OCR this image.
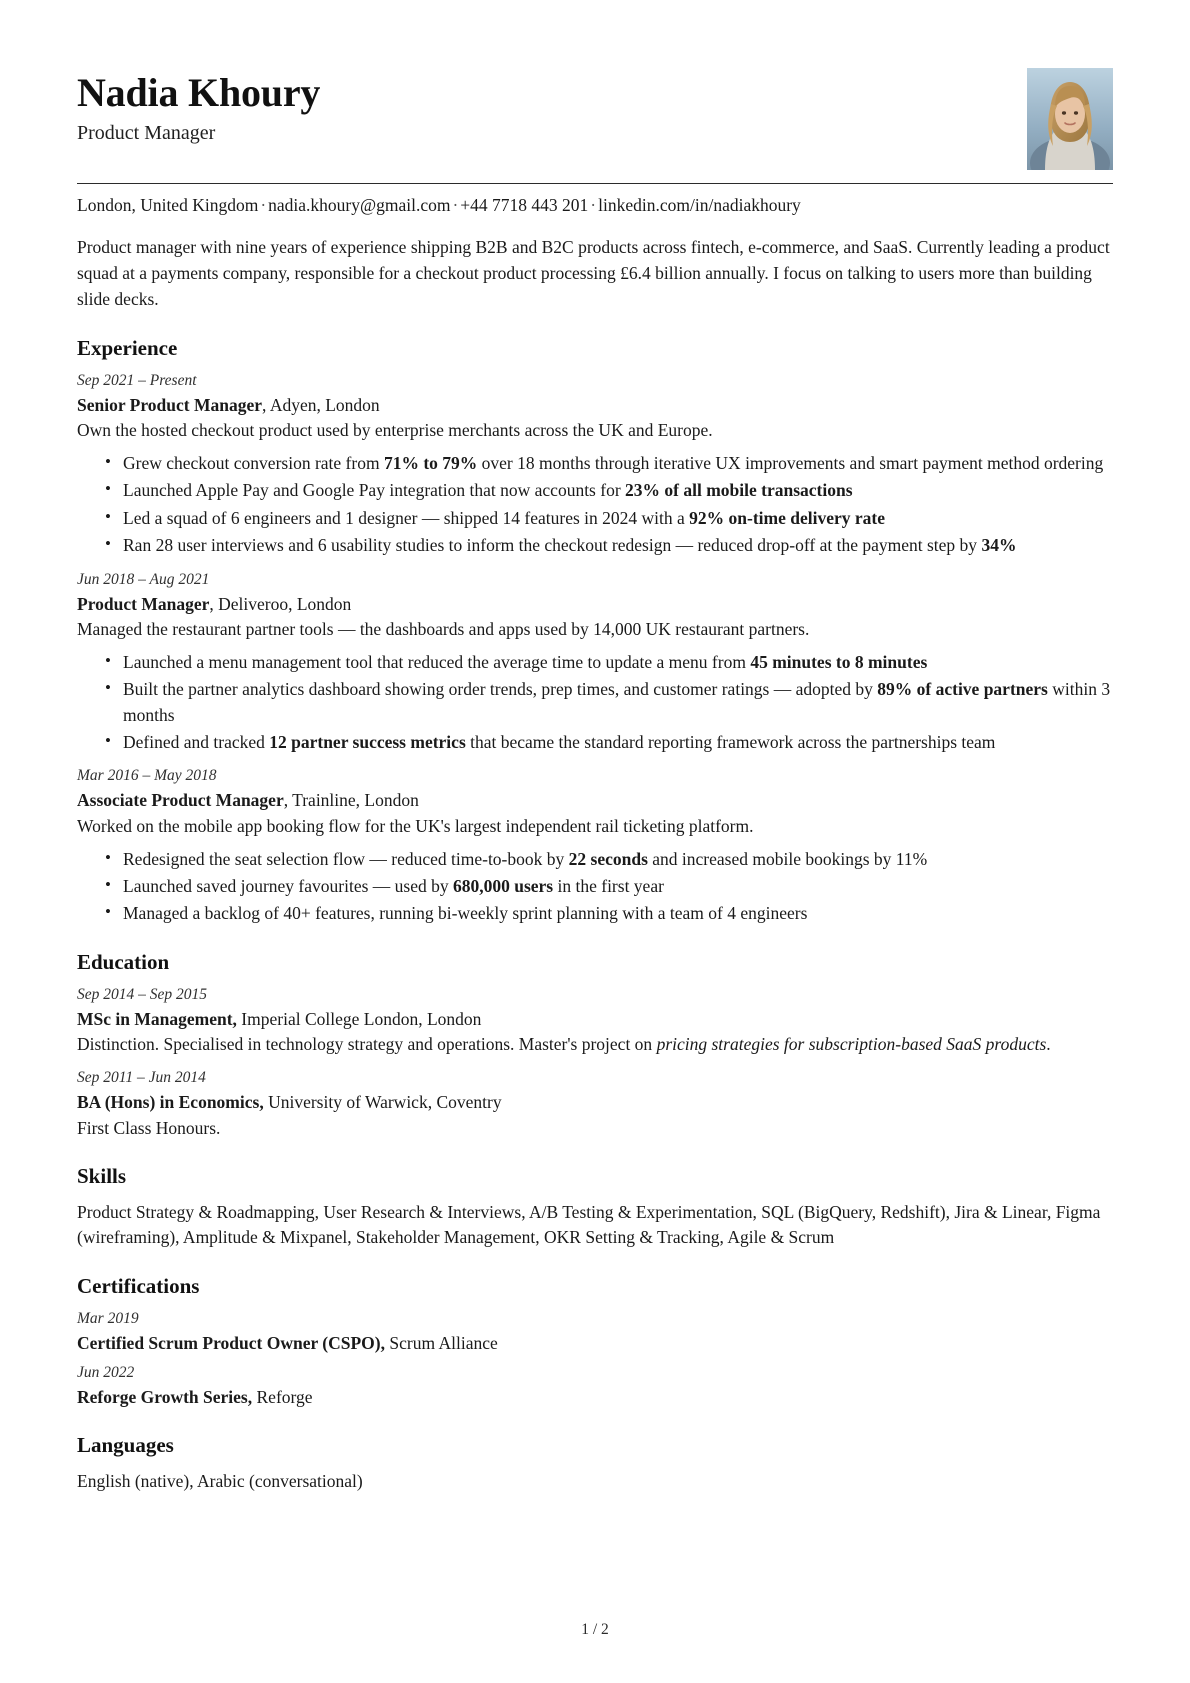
Nadia Khoury
Product Manager
London, United Kingdom · nadia.khoury@gmail.com · +44 7718 443 201 · linkedin.com/in/nadiakhoury

Product manager with nine years of experience shipping B2B and B2C products across fintech, e-commerce, and SaaS. Currently leading a product squad at a payments company, responsible for a checkout product processing £6.4 billion annually. I focus on talking to users more than building slide decks.

Experience
Sep 2021 – Present
Senior Product Manager, Adyen, London
Own the hosted checkout product used by enterprise merchants across the UK and Europe.
• Grew checkout conversion rate from 71% to 79% over 18 months through iterative UX improvements and smart payment method ordering
• Launched Apple Pay and Google Pay integration that now accounts for 23% of all mobile transactions
• Led a squad of 6 engineers and 1 designer — shipped 14 features in 2024 with a 92% on-time delivery rate
• Ran 28 user interviews and 6 usability studies to inform the checkout redesign — reduced drop-off at the payment step by 34%
Jun 2018 – Aug 2021
Product Manager, Deliveroo, London
Managed the restaurant partner tools — the dashboards and apps used by 14,000 UK restaurant partners.
• Launched a menu management tool that reduced the average time to update a menu from 45 minutes to 8 minutes
• Built the partner analytics dashboard showing order trends, prep times, and customer ratings — adopted by 89% of active partners within 3 months
• Defined and tracked 12 partner success metrics that became the standard reporting framework across the partnerships team
Mar 2016 – May 2018
Associate Product Manager, Trainline, London
Worked on the mobile app booking flow for the UK's largest independent rail ticketing platform.
• Redesigned the seat selection flow — reduced time-to-book by 22 seconds and increased mobile bookings by 11%
• Launched saved journey favourites — used by 680,000 users in the first year
• Managed a backlog of 40+ features, running bi-weekly sprint planning with a team of 4 engineers
Education
Sep 2014 – Sep 2015
MSc in Management, Imperial College London, London
Distinction. Specialised in technology strategy and operations. Master's project on pricing strategies for subscription-based SaaS products.
Sep 2011 – Jun 2014
BA (Hons) in Economics, University of Warwick, Coventry
First Class Honours.
Skills
Product Strategy & Roadmapping, User Research & Interviews, A/B Testing & Experimentation, SQL (BigQuery, Redshift), Jira & Linear, Figma (wireframing), Amplitude & Mixpanel, Stakeholder Management, OKR Setting & Tracking, Agile & Scrum
Certifications
Mar 2019
Certified Scrum Product Owner (CSPO), Scrum Alliance
Jun 2022
Reforge Growth Series, Reforge
Languages
English (native), Arabic (conversational)
1 / 2
